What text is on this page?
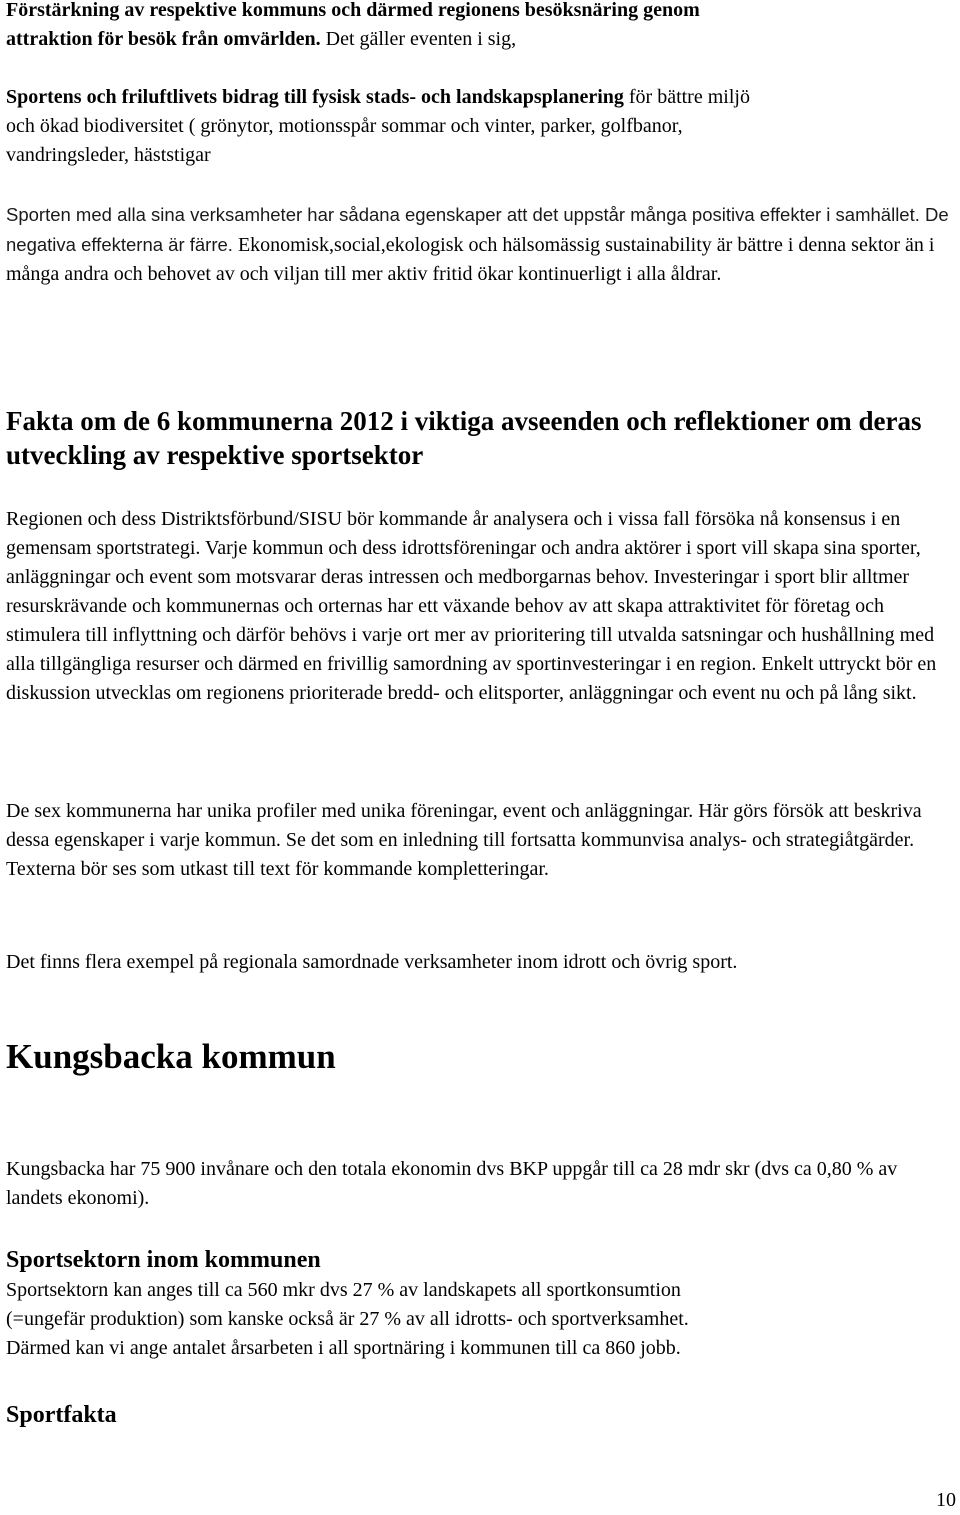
Förstärkning av respektive kommuns och därmed regionens besöksnäring genom
attraktion för besök från omvärlden. Det gäller eventen i sig,

Sportens och friluftlivets bidrag till fysisk stads- och landskapsplanering för bättre miljö
och ökad biodiversitet ( grönytor, motionsspår sommar och vinter, parker, golfbanor,
vandringsleder, häststigar

Sporten med alla sina verksamheter har sådana egenskaper att det uppstår många positiva effekter i samhället. De negativa effekterna är färre. Ekonomisk,social,ekologisk och hälsomässig sustainability är bättre i denna sektor än i många andra och behovet av och viljan till mer aktiv fritid ökar kontinuerligt i alla åldrar.

Fakta om de 6 kommunerna 2012 i viktiga avseenden och reflektioner om deras utveckling av respektive sportsektor

Regionen och dess Distriktsförbund/SISU bör kommande år analysera och i vissa fall försöka nå konsensus i en gemensam sportstrategi. Varje kommun och dess idrottsföreningar och andra aktörer i sport vill skapa sina sporter, anläggningar och event som motsvarar deras intressen och medborgarnas behov. Investeringar i sport blir alltmer resurskrävande och kommunernas och orternas har ett växande behov av att skapa attraktivitet för företag och stimulera till inflyttning och därför behövs i varje ort mer av prioritering till utvalda satsningar och hushållning med alla tillgängliga resurser och därmed en frivillig samordning av sportinvesteringar i en region. Enkelt uttryckt bör en diskussion utvecklas om regionens prioriterade bredd- och elitsporter, anläggningar och event nu och på lång sikt.

De sex kommunerna har unika profiler med unika föreningar, event och anläggningar. Här görs försök att beskriva dessa egenskaper i varje kommun. Se det som en inledning till fortsatta kommunvisa analys- och strategiåtgärder. Texterna bör ses som utkast till text för kommande kompletteringar.

Det finns flera exempel på regionala samordnade verksamheter inom idrott och övrig sport.

Kungsbacka kommun

Kungsbacka har 75 900 invånare och den totala ekonomin dvs BKP uppgår till ca 28 mdr skr (dvs ca 0,80 % av landets ekonomi).

Sportsektorn inom kommunen

Sportsektorn kan anges till ca 560 mkr dvs 27 % av landskapets all sportkonsumtion
(=ungefär produktion) som kanske också är 27 % av all idrotts- och sportverksamhet.
Därmed kan vi ange antalet årsarbeten i all sportnäring i kommunen till ca 860 jobb.

Sportfakta
10
